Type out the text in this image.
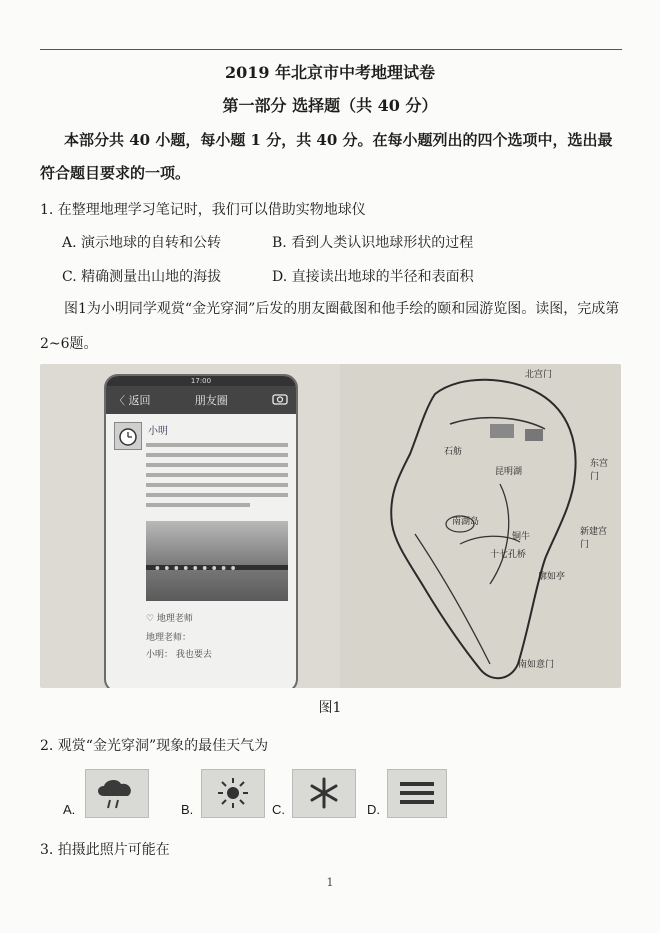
2019 年北京市中考地理试卷
第一部分 选择题（共 40 分）
本部分共 40 小题，每小题 1 分，共 40 分。在每小题列出的四个选项中，选出最符合题目要求的一项。
1. 在整理地理学习笔记时，我们可以借助实物地球仪
A. 演示地球的自转和公转	B. 看到人类认识地球形状的过程
C. 精确测量出山地的海拔	D. 直接读出地球的半径和表面积
图1为小明同学观赏“金光穿洞”后发的朋友圈截图和他手绘的颐和园游览图。读图，完成第2~6题。
17:00
〈 返回	朋友圈
小明
♡ 地理老师
地理老师：
小明： 我也要去
北宫门
东宫门
新建宫门
南如意门
昆明湖
南湖岛
石舫
十七孔桥
铜牛
廓如亭
图1
2. 观赏“金光穿洞”现象的最佳天气为
A.	B.	C.	D.
3. 拍摄此照片可能在
1
